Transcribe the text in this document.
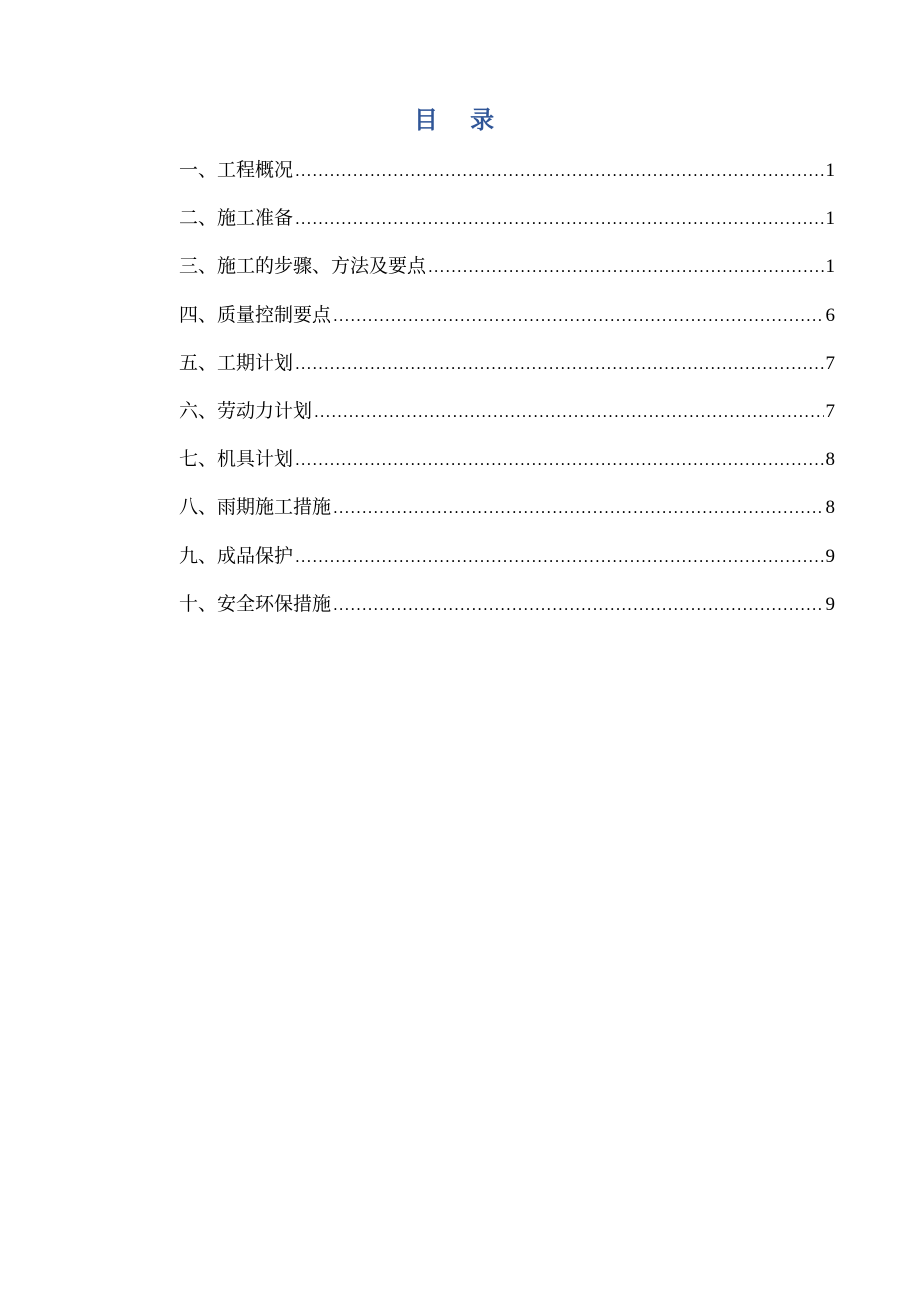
目 录
一、工程概况 .....	1
二、施工准备 .....	1
三、施工的步骤、方法及要点 .....	1
四、质量控制要点 .....	6
五、工期计划 .....	7
六、劳动力计划 .....	7
七、机具计划 .....	8
八、雨期施工措施 .....	8
九、成品保护 .....	9
十、安全环保措施 .....	9
